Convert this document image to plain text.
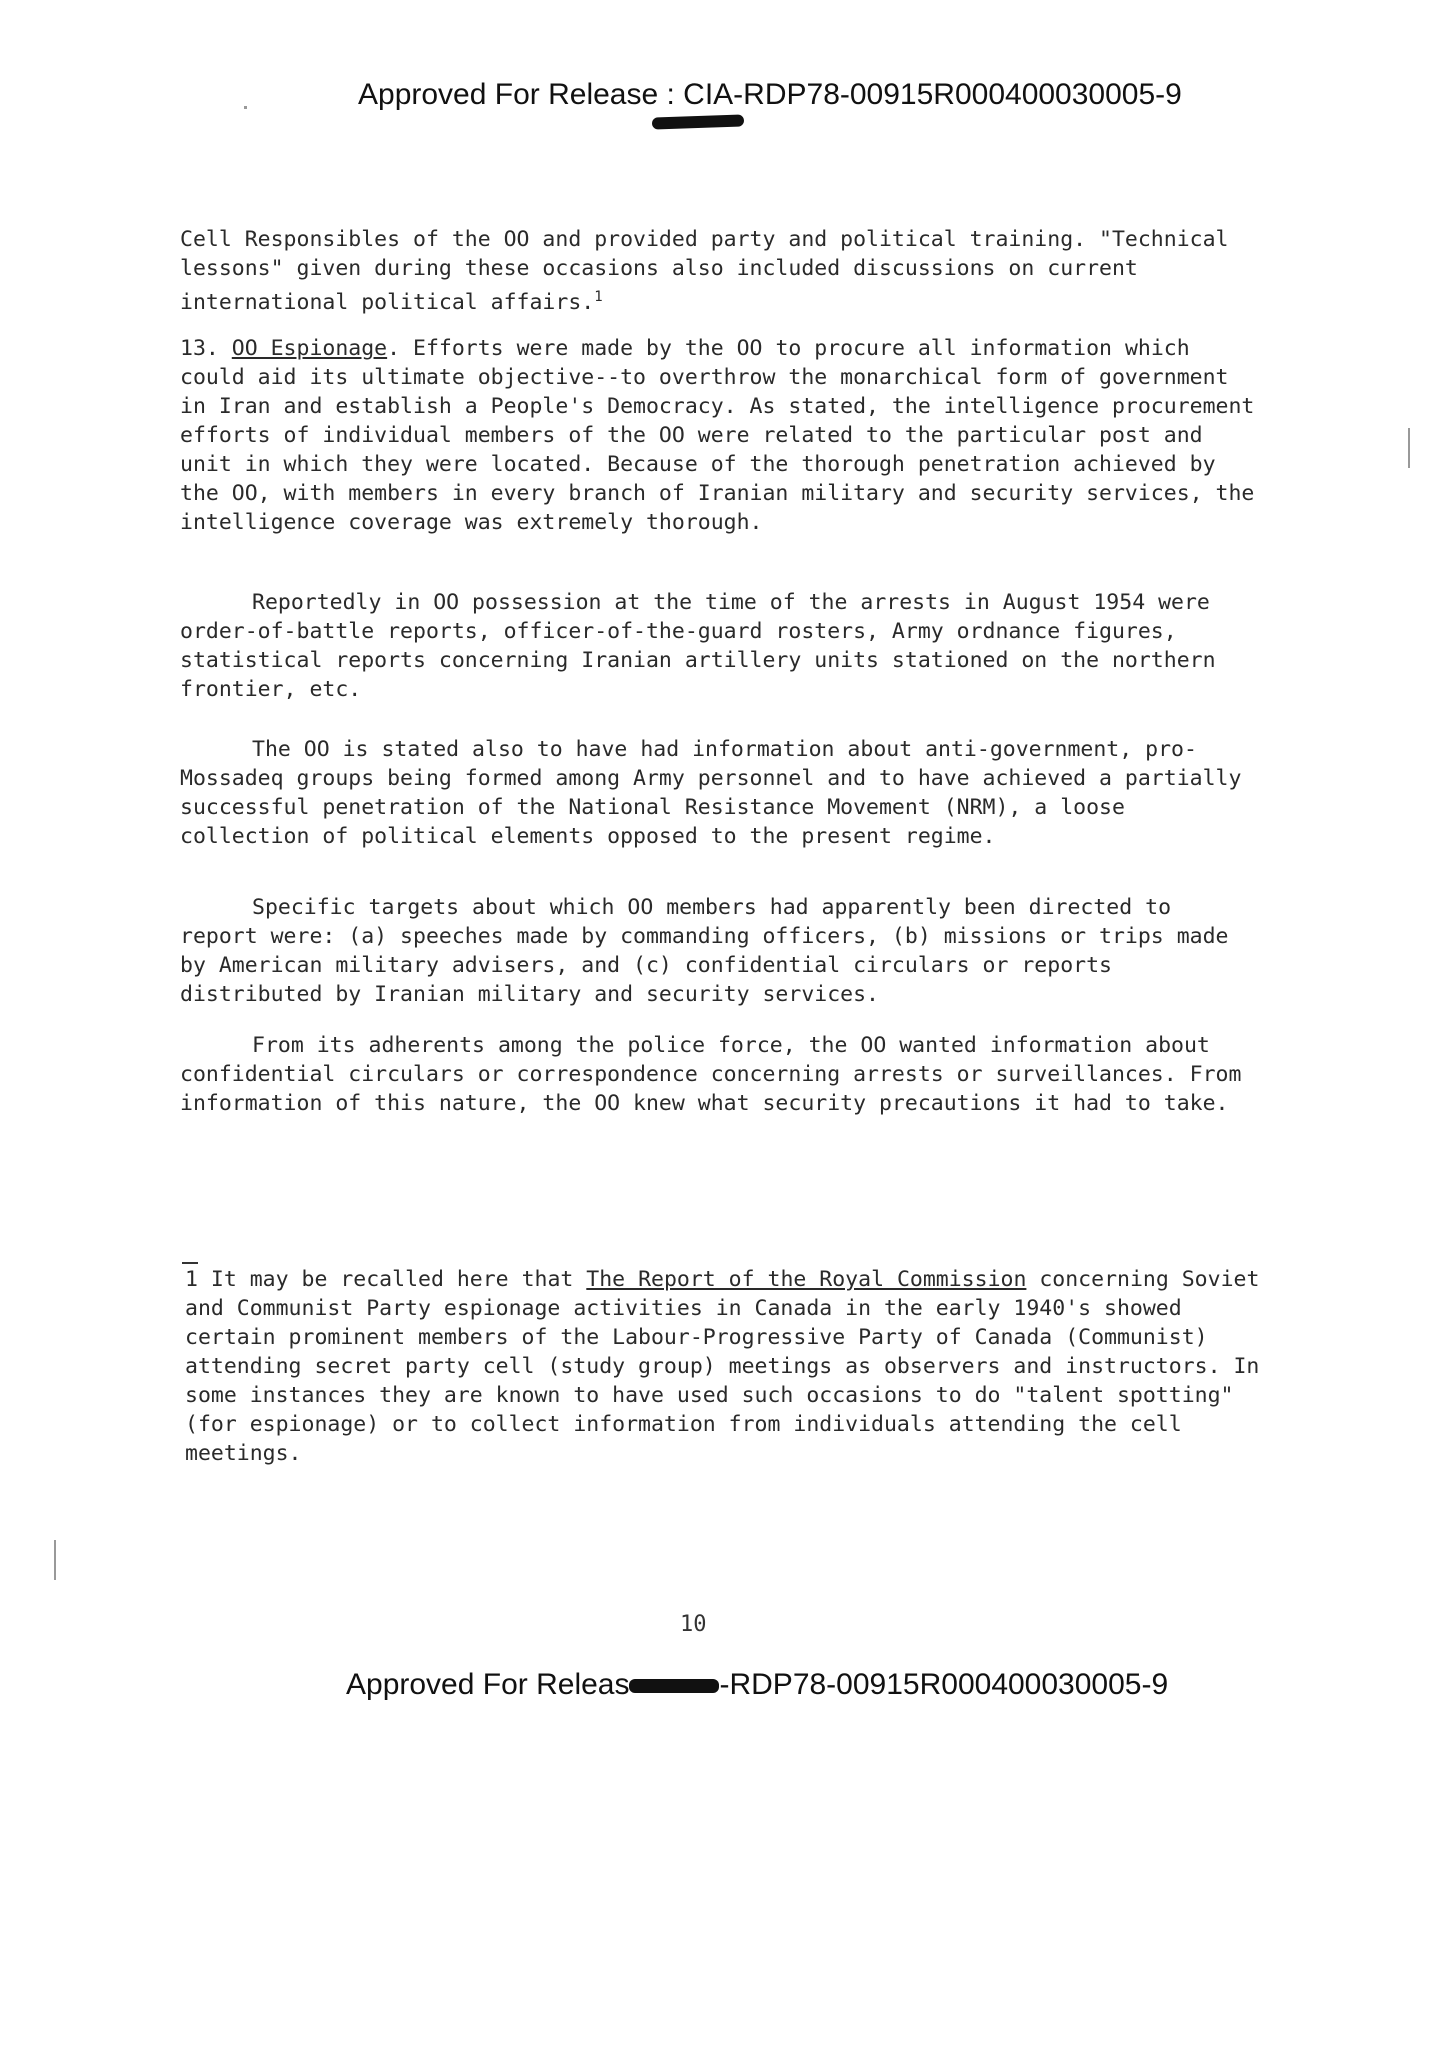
Approved For Release : CIA-RDP78-00915R000400030005-9

Cell Responsibles of the OO and provided party and political training. "Technical lessons" given during these occasions also included discussions on current international political affairs.$^1$

13. OO Espionage. Efforts were made by the OO to procure all information which could aid its ultimate objective--to overthrow the monarchical form of government in Iran and establish a People's Democracy. As stated, the intelligence procurement efforts of individual members of the OO were related to the particular post and unit in which they were located. Because of the thorough penetration achieved by the OO, with members in every branch of Iranian military and security services, the intelligence coverage was extremely thorough.

Reportedly in OO possession at the time of the arrests in August 1954 were order-of-battle reports, officer-of-the-guard rosters, Army ordnance figures, statistical reports concerning Iranian artillery units stationed on the northern frontier, etc.

The OO is stated also to have had information about anti-government, pro-Mossadeq groups being formed among Army personnel and to have achieved a partially successful penetration of the National Resistance Movement (NRM), a loose collection of political elements opposed to the present regime.

Specific targets about which OO members had apparently been directed to report were: (a) speeches made by commanding officers, (b) missions or trips made by American military advisers, and (c) confidential circulars or reports distributed by Iranian military and security services.

From its adherents among the police force, the OO wanted information about confidential circulars or correspondence concerning arrests or surveillances. From information of this nature, the OO knew what security precautions it had to take.

1 It may be recalled here that The Report of the Royal Commission concerning Soviet and Communist Party espionage activities in Canada in the early 1940's showed certain prominent members of the Labour-Progressive Party of Canada (Communist) attending secret party cell (study group) meetings as observers and instructors. In some instances they are known to have used such occasions to do "talent spotting" (for espionage) or to collect information from individuals attending the cell meetings.

10

Approved For Releas	-RDP78-00915R000400030005-9
